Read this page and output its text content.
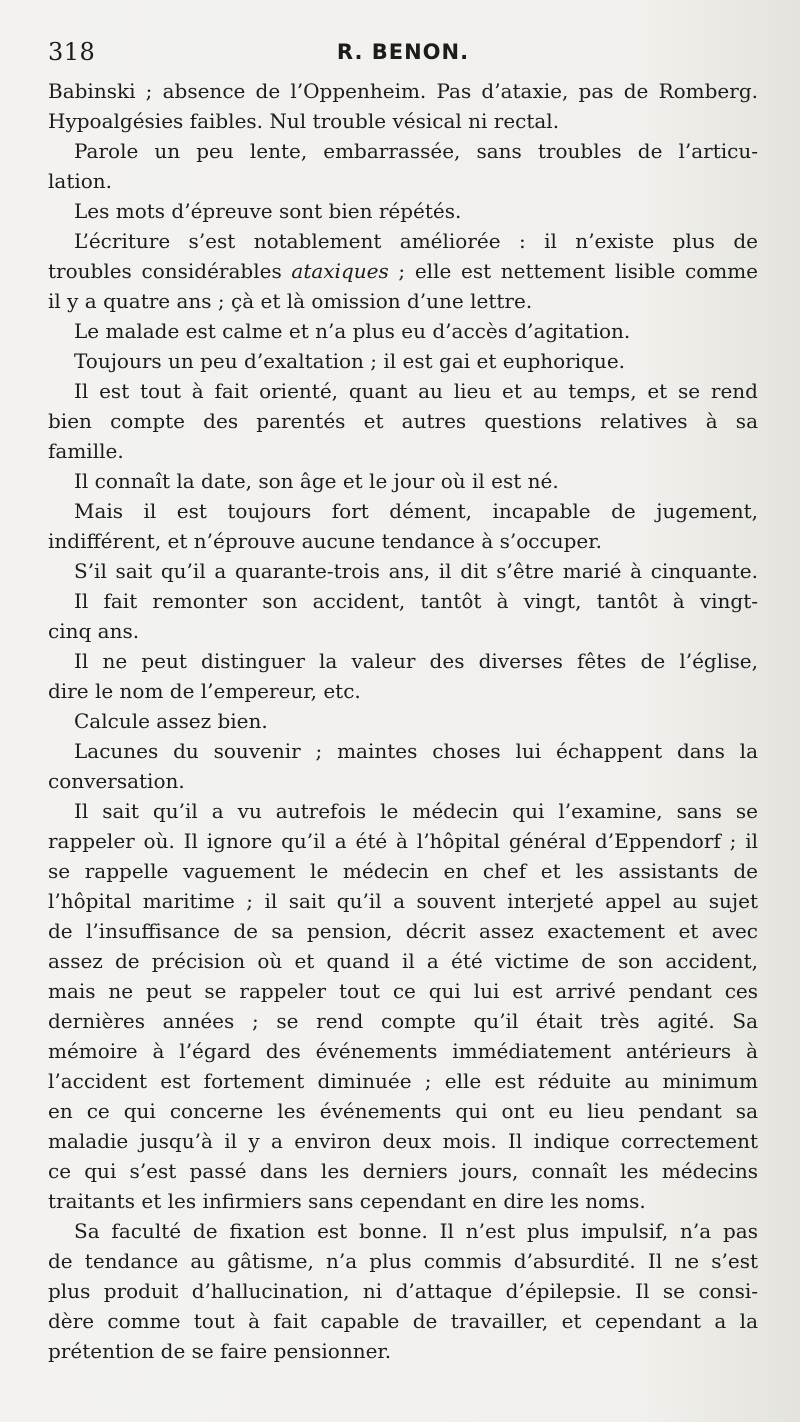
318	R. BENON.
Babinski ; absence de l’Oppenheim. Pas d’ataxie, pas de Romberg.
Hypoalgésies faibles. Nul trouble vésical ni rectal.
Parole un peu lente, embarrassée, sans troubles de l’articu-
lation.
Les mots d’épreuve sont bien répétés.
L’écriture s’est notablement améliorée : il n’existe plus de
troubles considérables ataxiques ; elle est nettement lisible comme
il y a quatre ans ; çà et là omission d’une lettre.
Le malade est calme et n’a plus eu d’accès d’agitation.
Toujours un peu d’exaltation ; il est gai et euphorique.
Il est tout à fait orienté, quant au lieu et au temps, et se rend
bien compte des parentés et autres questions relatives à sa
famille.
Il connaît la date, son âge et le jour où il est né.
Mais il est toujours fort dément, incapable de jugement,
indifférent, et n’éprouve aucune tendance à s’occuper.
S’il sait qu’il a quarante-trois ans, il dit s’être marié à cinquante.
Il fait remonter son accident, tantôt à vingt, tantôt à vingt-
cinq ans.
Il ne peut distinguer la valeur des diverses fêtes de l’église,
dire le nom de l’empereur, etc.
Calcule assez bien.
Lacunes du souvenir ; maintes choses lui échappent dans la
conversation.
Il sait qu’il a vu autrefois le médecin qui l’examine, sans se
rappeler où. Il ignore qu’il a été à l’hôpital général d’Eppendorf ; il
se rappelle vaguement le médecin en chef et les assistants de
l’hôpital maritime ; il sait qu’il a souvent interjeté appel au sujet
de l’insuffisance de sa pension, décrit assez exactement et avec
assez de précision où et quand il a été victime de son accident,
mais ne peut se rappeler tout ce qui lui est arrivé pendant ces
dernières années ; se rend compte qu’il était très agité. Sa
mémoire à l’égard des événements immédiatement antérieurs à
l’accident est fortement diminuée ; elle est réduite au minimum
en ce qui concerne les événements qui ont eu lieu pendant sa
maladie jusqu’à il y a environ deux mois. Il indique correctement
ce qui s’est passé dans les derniers jours, connaît les médecins
traitants et les infirmiers sans cependant en dire les noms.
Sa faculté de fixation est bonne. Il n’est plus impulsif, n’a pas
de tendance au gâtisme, n’a plus commis d’absurdité. Il ne s’est
plus produit d’hallucination, ni d’attaque d’épilepsie. Il se consi-
dère comme tout à fait capable de travailler, et cependant a la
prétention de se faire pensionner.
